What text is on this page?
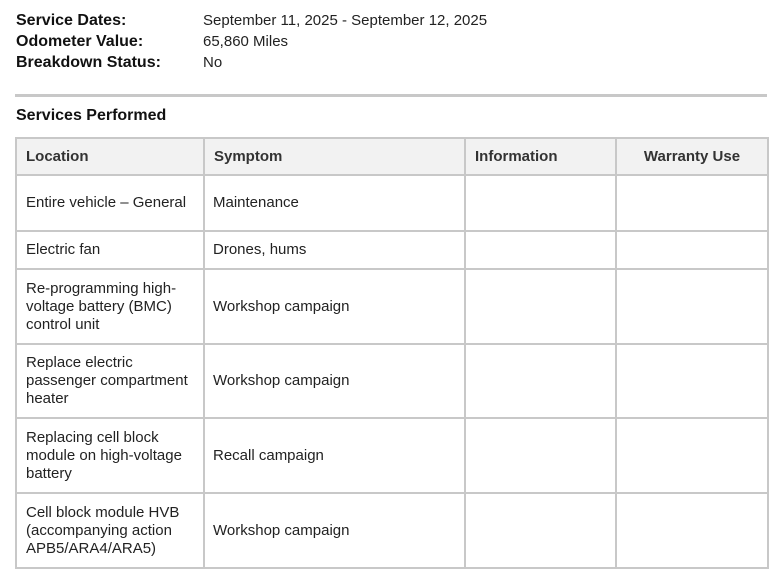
Service Dates:	September 11, 2025 - September 12, 2025
Odometer Value:	65,860 Miles
Breakdown Status:	No
Services Performed
Location	Symptom	Information	Warranty Use
Entire vehicle – General	Maintenance		
Electric fan	Drones, hums		
Re-programming high-voltage battery (BMC) control unit	Workshop campaign		
Replace electric passenger compartment heater	Workshop campaign		
Replacing cell block module on high-voltage battery	Recall campaign		
Cell block module HVB (accompanying action APB5/ARA4/ARA5)	Workshop campaign		
